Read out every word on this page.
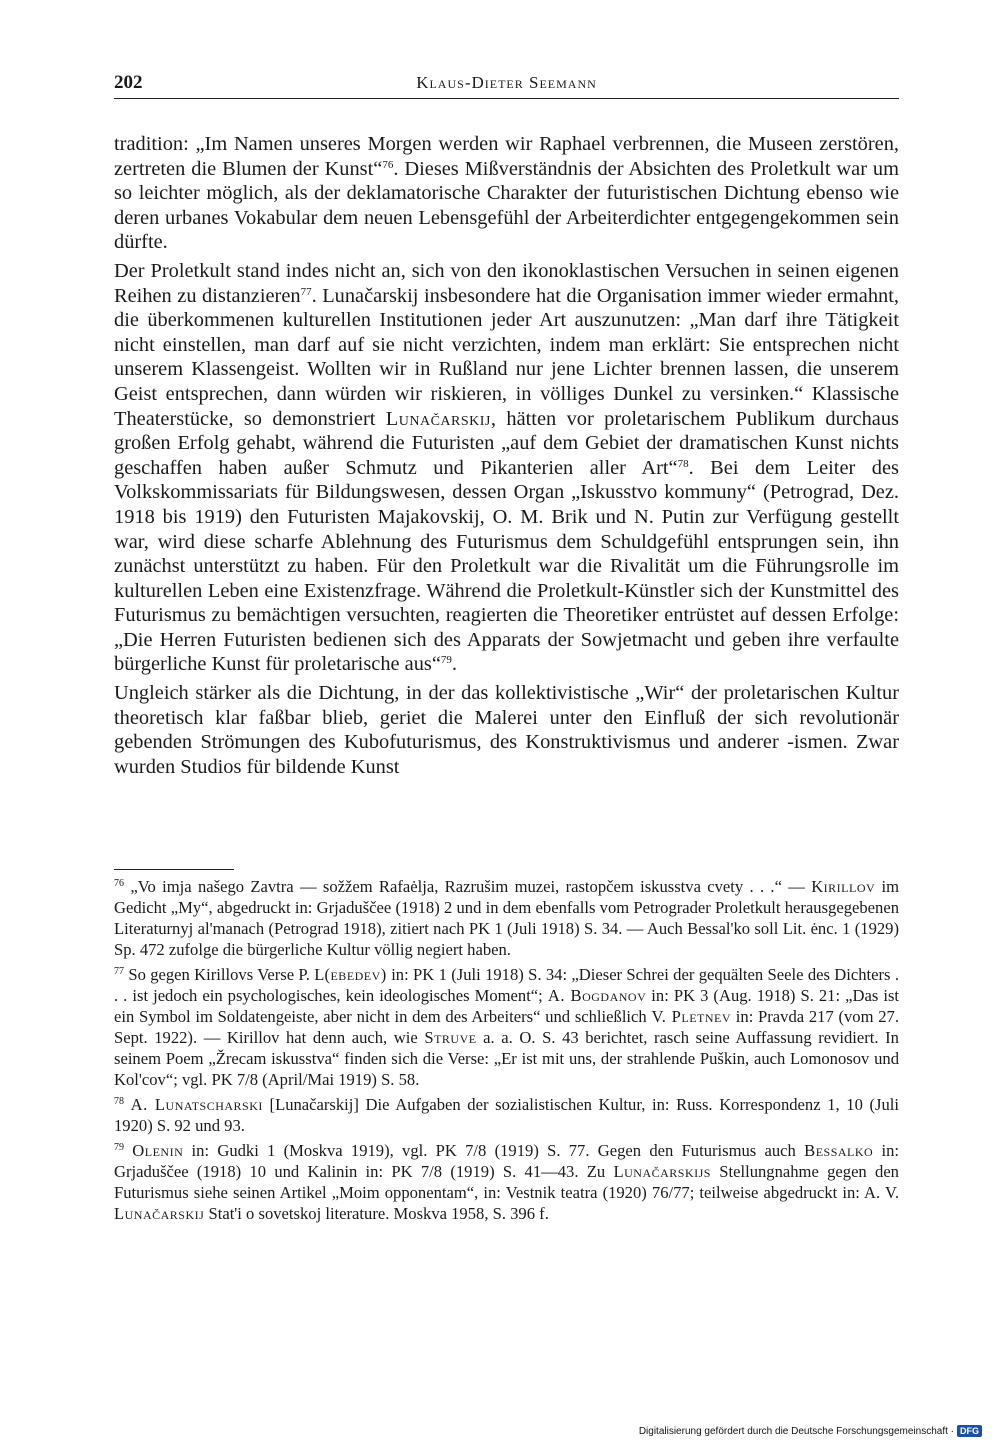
202	Klaus-Dieter Seemann

tradition: „Im Namen unseres Morgen werden wir Raphael verbrennen, die Museen zerstören, zertreten die Blumen der Kunst“$^{76}$. Dieses Mißverständnis der Absichten des Proletkult war um so leichter möglich, als der deklamatorische Charakter der futuristischen Dichtung ebenso wie deren urbanes Vokabular dem neuen Lebensgefühl der Arbeiterdichter entgegengekommen sein dürfte.

Der Proletkult stand indes nicht an, sich von den ikonoklastischen Versuchen in seinen eigenen Reihen zu distanzieren$^{77}$. Lunačarskij insbesondere hat die Organisation immer wieder ermahnt, die überkommenen kulturellen Institutionen jeder Art auszunutzen: „Man darf ihre Tätigkeit nicht einstellen, man darf auf sie nicht verzichten, indem man erklärt: Sie entsprechen nicht unserem Klassengeist. Wollten wir in Rußland nur jene Lichter brennen lassen, die unserem Geist entsprechen, dann würden wir riskieren, in völliges Dunkel zu versinken.“ Klassische Theaterstücke, so demonstriert Lunačarskij, hätten vor proletarischem Publikum durchaus großen Erfolg gehabt, während die Futuristen „auf dem Gebiet der dramatischen Kunst nichts geschaffen haben außer Schmutz und Pikanterien aller Art“$^{78}$. Bei dem Leiter des Volkskommissariats für Bildungswesen, dessen Organ „Iskusstvo kommuny“ (Petrograd, Dez. 1918 bis 1919) den Futuristen Majakovskij, O. M. Brik und N. Putin zur Verfügung gestellt war, wird diese scharfe Ablehnung des Futurismus dem Schuldgefühl entsprungen sein, ihn zunächst unterstützt zu haben. Für den Proletkult war die Rivalität um die Führungsrolle im kulturellen Leben eine Existenzfrage. Während die Proletkult-Künstler sich der Kunstmittel des Futurismus zu bemächtigen versuchten, reagierten die Theoretiker entrüstet auf dessen Erfolge: „Die Herren Futuristen bedienen sich des Apparats der Sowjetmacht und geben ihre verfaulte bürgerliche Kunst für proletarische aus“$^{79}$.

Ungleich stärker als die Dichtung, in der das kollektivistische „Wir“ der proletarischen Kultur theoretisch klar faßbar blieb, geriet die Malerei unter den Einfluß der sich revolutionär gebenden Strömungen des Kubofuturismus, des Konstruktivismus und anderer -ismen. Zwar wurden Studios für bildende Kunst

$^{76}$ „Vo imja našego Zavtra — sožžem Rafaėlja, Razrušim muzei, rastopčem iskusstva cvety . . .“ — Kirillov im Gedicht „My“, abgedruckt in: Grjaduščee (1918) 2 und in dem ebenfalls vom Petrograder Proletkult herausgegebenen Literaturnyj al'manach (Petrograd 1918), zitiert nach PK 1 (Juli 1918) S. 34. — Auch Bessal'ko soll Lit. ėnc. 1 (1929) Sp. 472 zufolge die bürgerliche Kultur völlig negiert haben.

$^{77}$ So gegen Kirillovs Verse P. L(ebedev) in: PK 1 (Juli 1918) S. 34: „Dieser Schrei der gequälten Seele des Dichters . . . ist jedoch ein psychologisches, kein ideologisches Moment“; A. Bogdanov in: PK 3 (Aug. 1918) S. 21: „Das ist ein Symbol im Soldatengeiste, aber nicht in dem des Arbeiters“ und schließlich V. Pletnev in: Pravda 217 (vom 27. Sept. 1922). — Kirillov hat denn auch, wie Struve a. a. O. S. 43 berichtet, rasch seine Auffassung revidiert. In seinem Poem „Žrecam iskusstva“ finden sich die Verse: „Er ist mit uns, der strahlende Puškin, auch Lomonosov und Kol'cov“; vgl. PK 7/8 (April/Mai 1919) S. 58.

$^{78}$ A. Lunatscharski [Lunačarskij] Die Aufgaben der sozialistischen Kultur, in: Russ. Korrespondenz 1, 10 (Juli 1920) S. 92 und 93.

$^{79}$ Olenin in: Gudki 1 (Moskva 1919), vgl. PK 7/8 (1919) S. 77. Gegen den Futurismus auch Bessalko in: Grjaduščee (1918) 10 und Kalinin in: PK 7/8 (1919) S. 41—43. Zu Lunačarskijs Stellungnahme gegen den Futurismus siehe seinen Artikel „Moim opponentam“, in: Vestnik teatra (1920) 76/77; teilweise abgedruckt in: A. V. Lunačarskij Stat'i o sovetskoj literature. Moskva 1958, S. 396 f.

Digitalisierung gefördert durch die Deutsche Forschungsgemeinschaft · DFG
